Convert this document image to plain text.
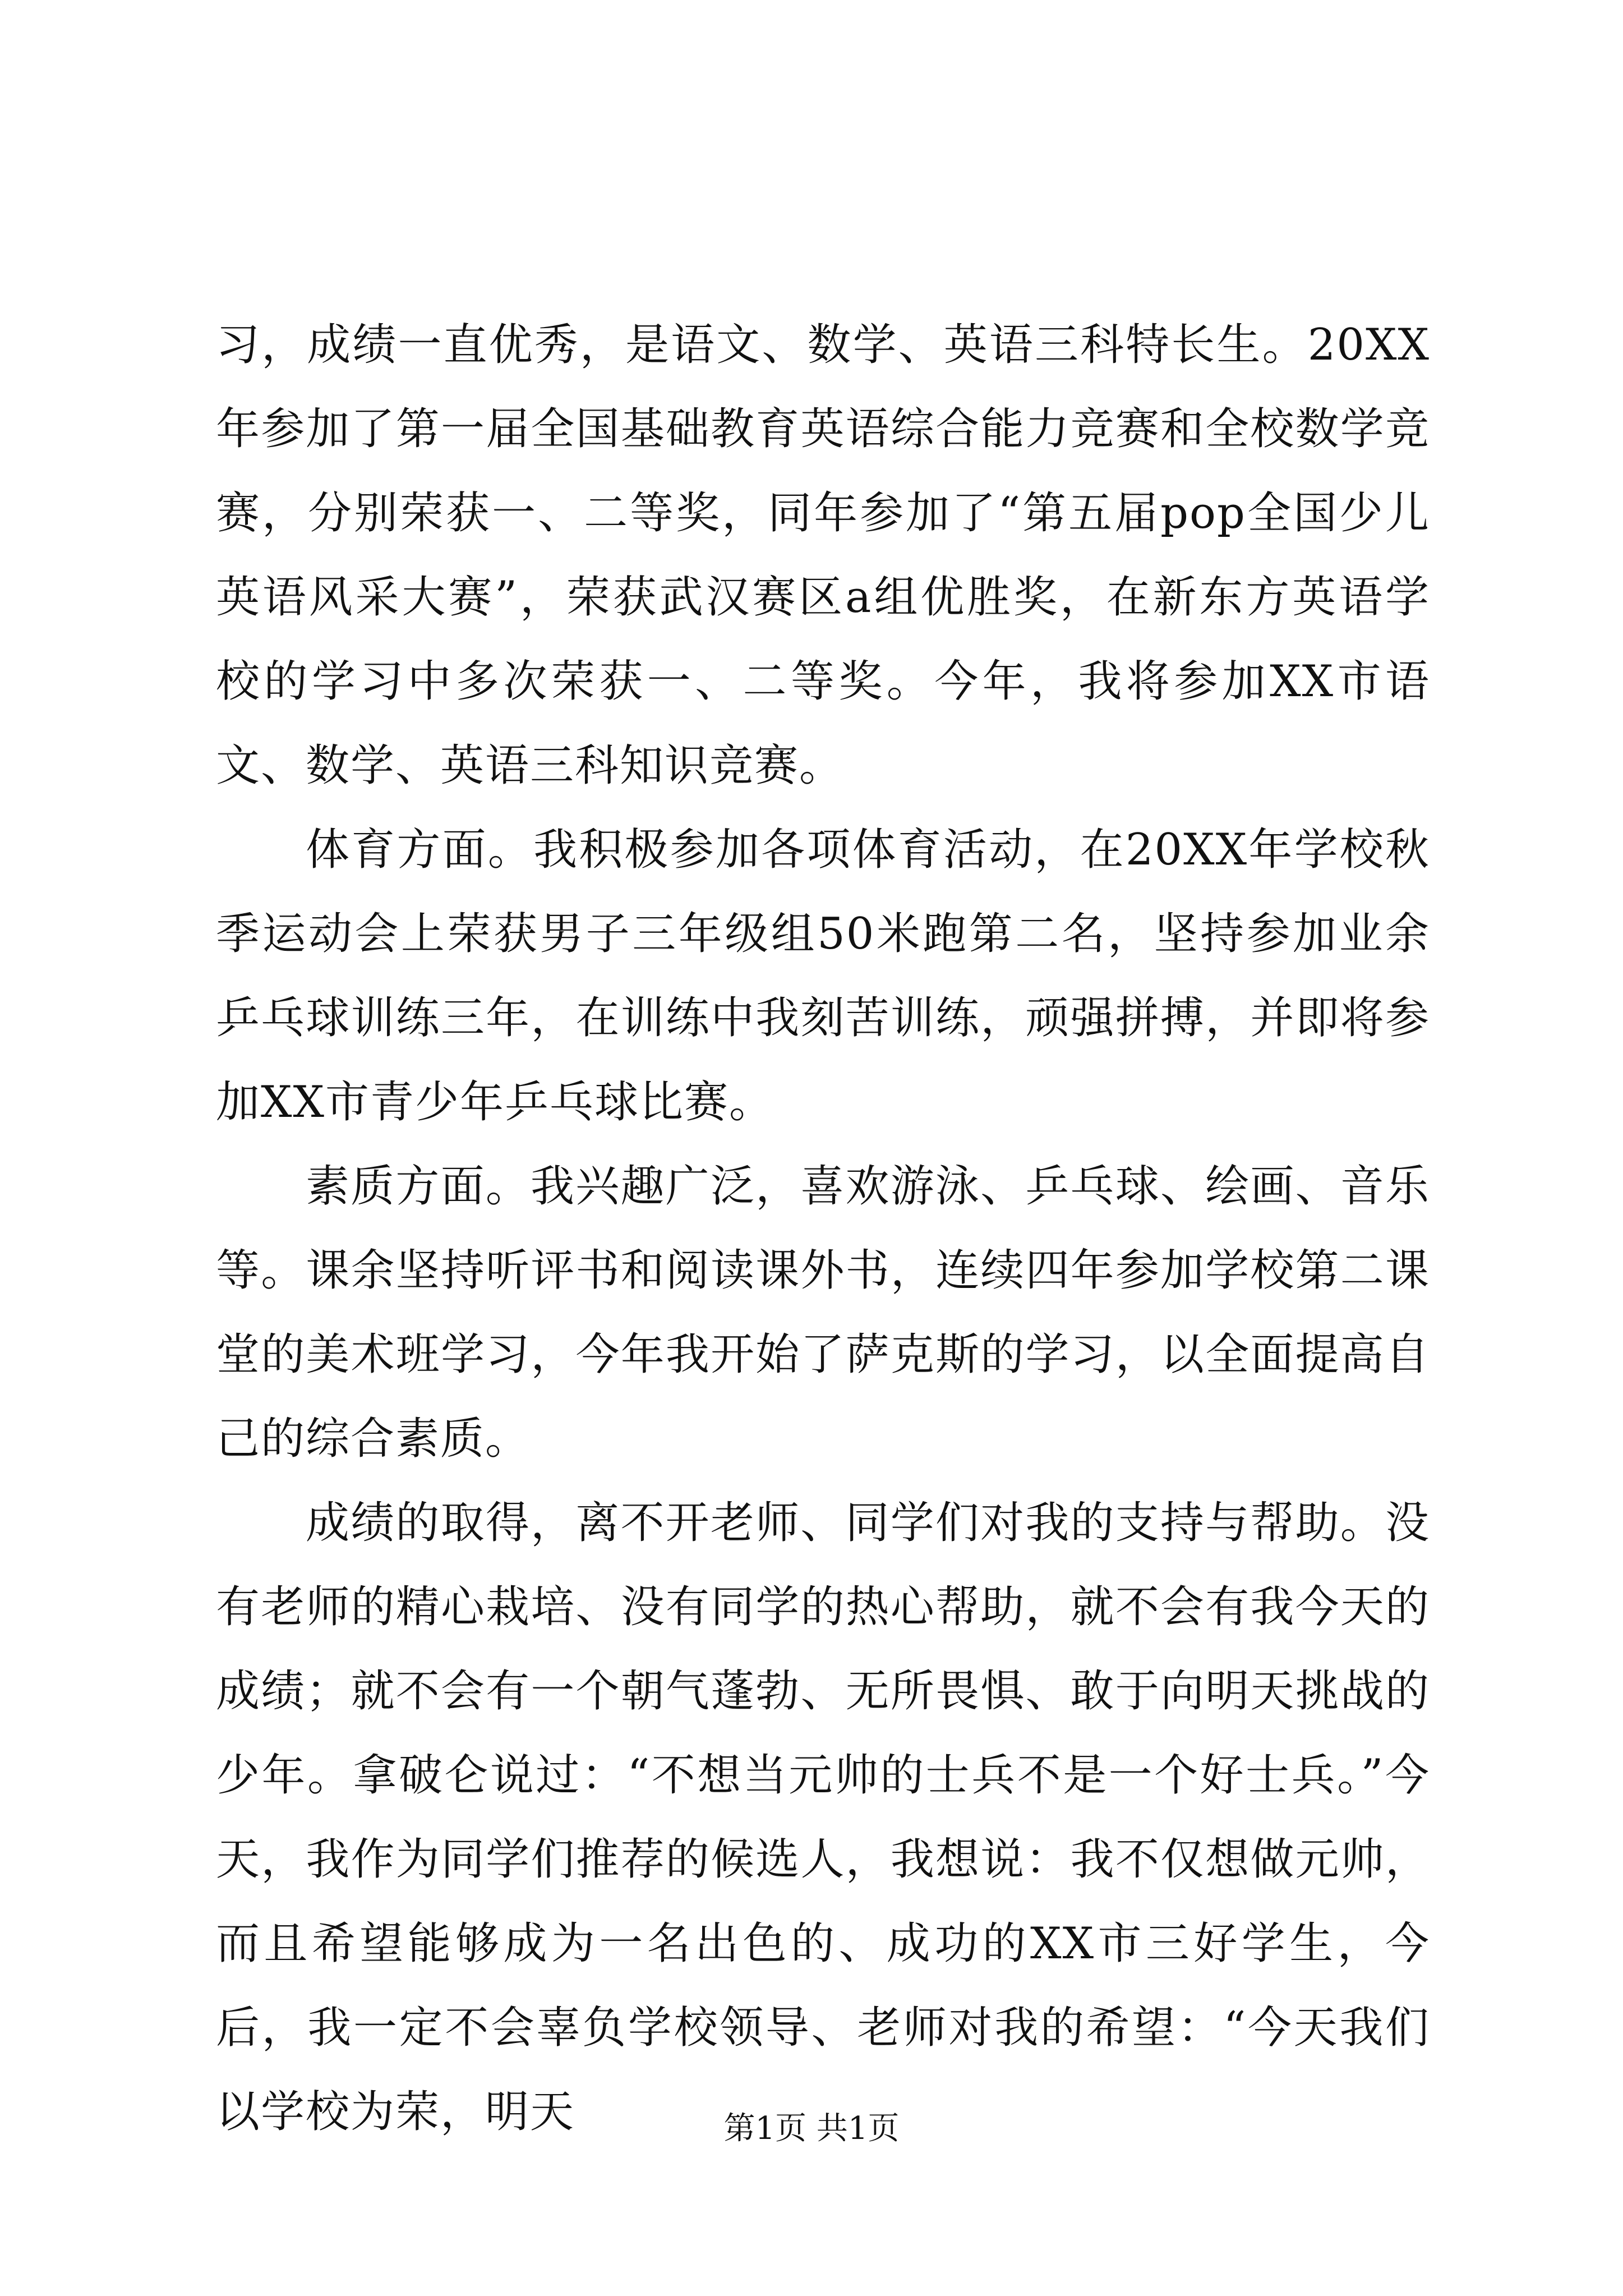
习，成绩一直优秀，是语文、数学、英语三科特长生。20XX年参加了第一届全国基础教育英语综合能力竞赛和全校数学竞赛，分别荣获一、二等奖，同年参加了“第五届pop全国少儿英语风采大赛”，荣获武汉赛区a组优胜奖，在新东方英语学校的学习中多次荣获一、二等奖。今年，我将参加XX市语文、数学、英语三科知识竞赛。

体育方面。我积极参加各项体育活动，在20XX年学校秋季运动会上荣获男子三年级组50米跑第二名，坚持参加业余乒乓球训练三年，在训练中我刻苦训练，顽强拼搏，并即将参加XX市青少年乒乓球比赛。

素质方面。我兴趣广泛，喜欢游泳、乒乓球、绘画、音乐等。课余坚持听评书和阅读课外书，连续四年参加学校第二课堂的美术班学习，今年我开始了萨克斯的学习，以全面提高自己的综合素质。

成绩的取得，离不开老师、同学们对我的支持与帮助。没有老师的精心栽培、没有同学的热心帮助，就不会有我今天的成绩；就不会有一个朝气蓬勃、无所畏惧、敢于向明天挑战的少年。拿破仑说过：“不想当元帅的士兵不是一个好士兵。”今天，我作为同学们推荐的候选人，我想说：我不仅想做元帅，而且希望能够成为一名出色的、成功的XX市三好学生，今后，我一定不会辜负学校领导、老师对我的希望：“今天我们以学校为荣，明天	第1页 共1页
